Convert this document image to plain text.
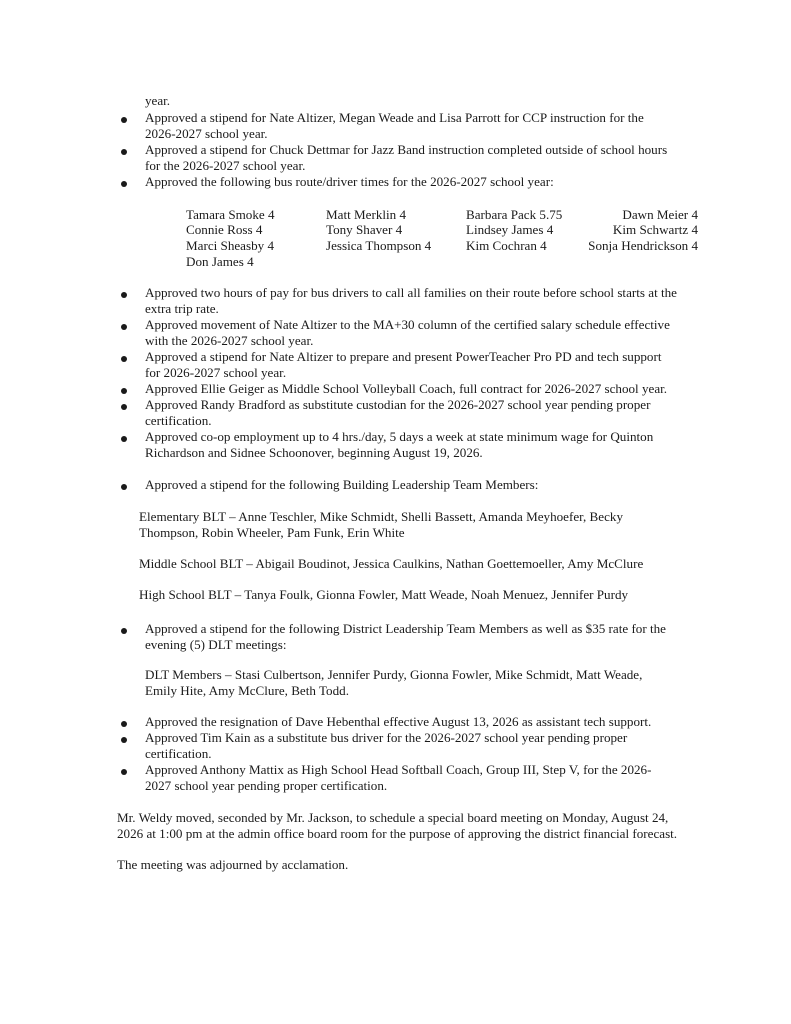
year.
Approved a stipend for Nate Altizer, Megan Weade and Lisa Parrott for CCP instruction for the
2026-2027 school year.
Approved a stipend for Chuck Dettmar for Jazz Band instruction completed outside of school hours
for the 2026-2027 school year.
Approved the following bus route/driver times for the 2026-2027 school year:
Tamara Smoke 4	Matt Merklin 4	Barbara Pack 5.75	Dawn Meier 4
Connie Ross 4	Tony Shaver 4	Lindsey James 4	Kim Schwartz 4
Marci Sheasby 4	Jessica Thompson 4	Kim Cochran 4	Sonja Hendrickson 4
Don James 4
Approved two hours of pay for bus drivers to call all families on their route before school starts at the
extra trip rate.
Approved movement of Nate Altizer to the MA+30 column of the certified salary schedule effective
with the 2026-2027 school year.
Approved a stipend for Nate Altizer to prepare and present PowerTeacher Pro PD and tech support
for 2026-2027 school year.
Approved Ellie Geiger as Middle School Volleyball Coach, full contract for 2026-2027 school year.
Approved Randy Bradford as substitute custodian for the 2026-2027 school year pending proper
certification.
Approved co-op employment up to 4 hrs./day, 5 days a week at state minimum wage for Quinton
Richardson and Sidnee Schoonover, beginning August 19, 2026.
Approved a stipend for the following Building Leadership Team Members:
Elementary BLT – Anne Teschler, Mike Schmidt, Shelli Bassett, Amanda Meyhoefer, Becky
Thompson, Robin Wheeler, Pam Funk, Erin White
Middle School BLT – Abigail Boudinot, Jessica Caulkins, Nathan Goettemoeller, Amy McClure
High School BLT – Tanya Foulk, Gionna Fowler, Matt Weade, Noah Menuez, Jennifer Purdy
Approved a stipend for the following District Leadership Team Members as well as $35 rate for the
evening (5) DLT meetings:
DLT Members – Stasi Culbertson, Jennifer Purdy, Gionna Fowler, Mike Schmidt, Matt Weade,
Emily Hite, Amy McClure, Beth Todd.
Approved the resignation of Dave Hebenthal effective August 13, 2026 as assistant tech support.
Approved Tim Kain as a substitute bus driver for the 2026-2027 school year pending proper
certification.
Approved Anthony Mattix as High School Head Softball Coach, Group III, Step V, for the 2026-
2027 school year pending proper certification.
Mr. Weldy moved, seconded by Mr. Jackson, to schedule a special board meeting on Monday, August 24,
2026 at 1:00 pm at the admin office board room for the purpose of approving the district financial forecast.
The meeting was adjourned by acclamation.
